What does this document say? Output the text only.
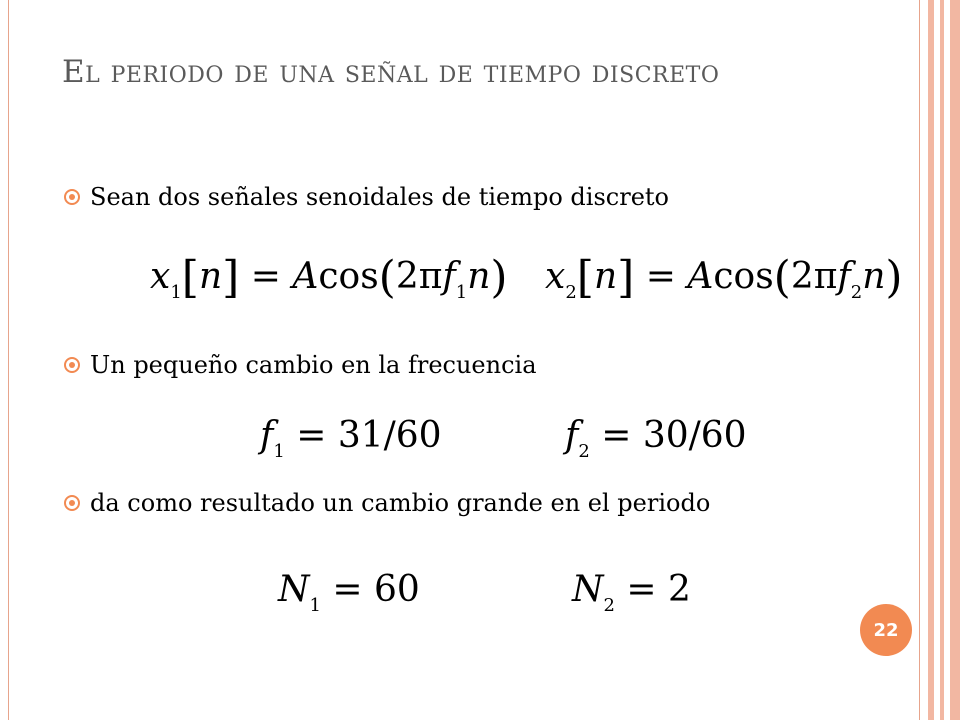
El periodo de una señal de tiempo discreto
Sean dos señales senoidales de tiempo discreto
$x_1[n] = Acos(2\pi f_1n) x_2[n] = Acos(2\pi f_2n)$
Un pequeño cambio en la frecuencia
$f_1 = 31/60$	$f_2 = 30/60$
da como resultado un cambio grande en el periodo
$N_1 = 60$	$N_2 = 2$
22
